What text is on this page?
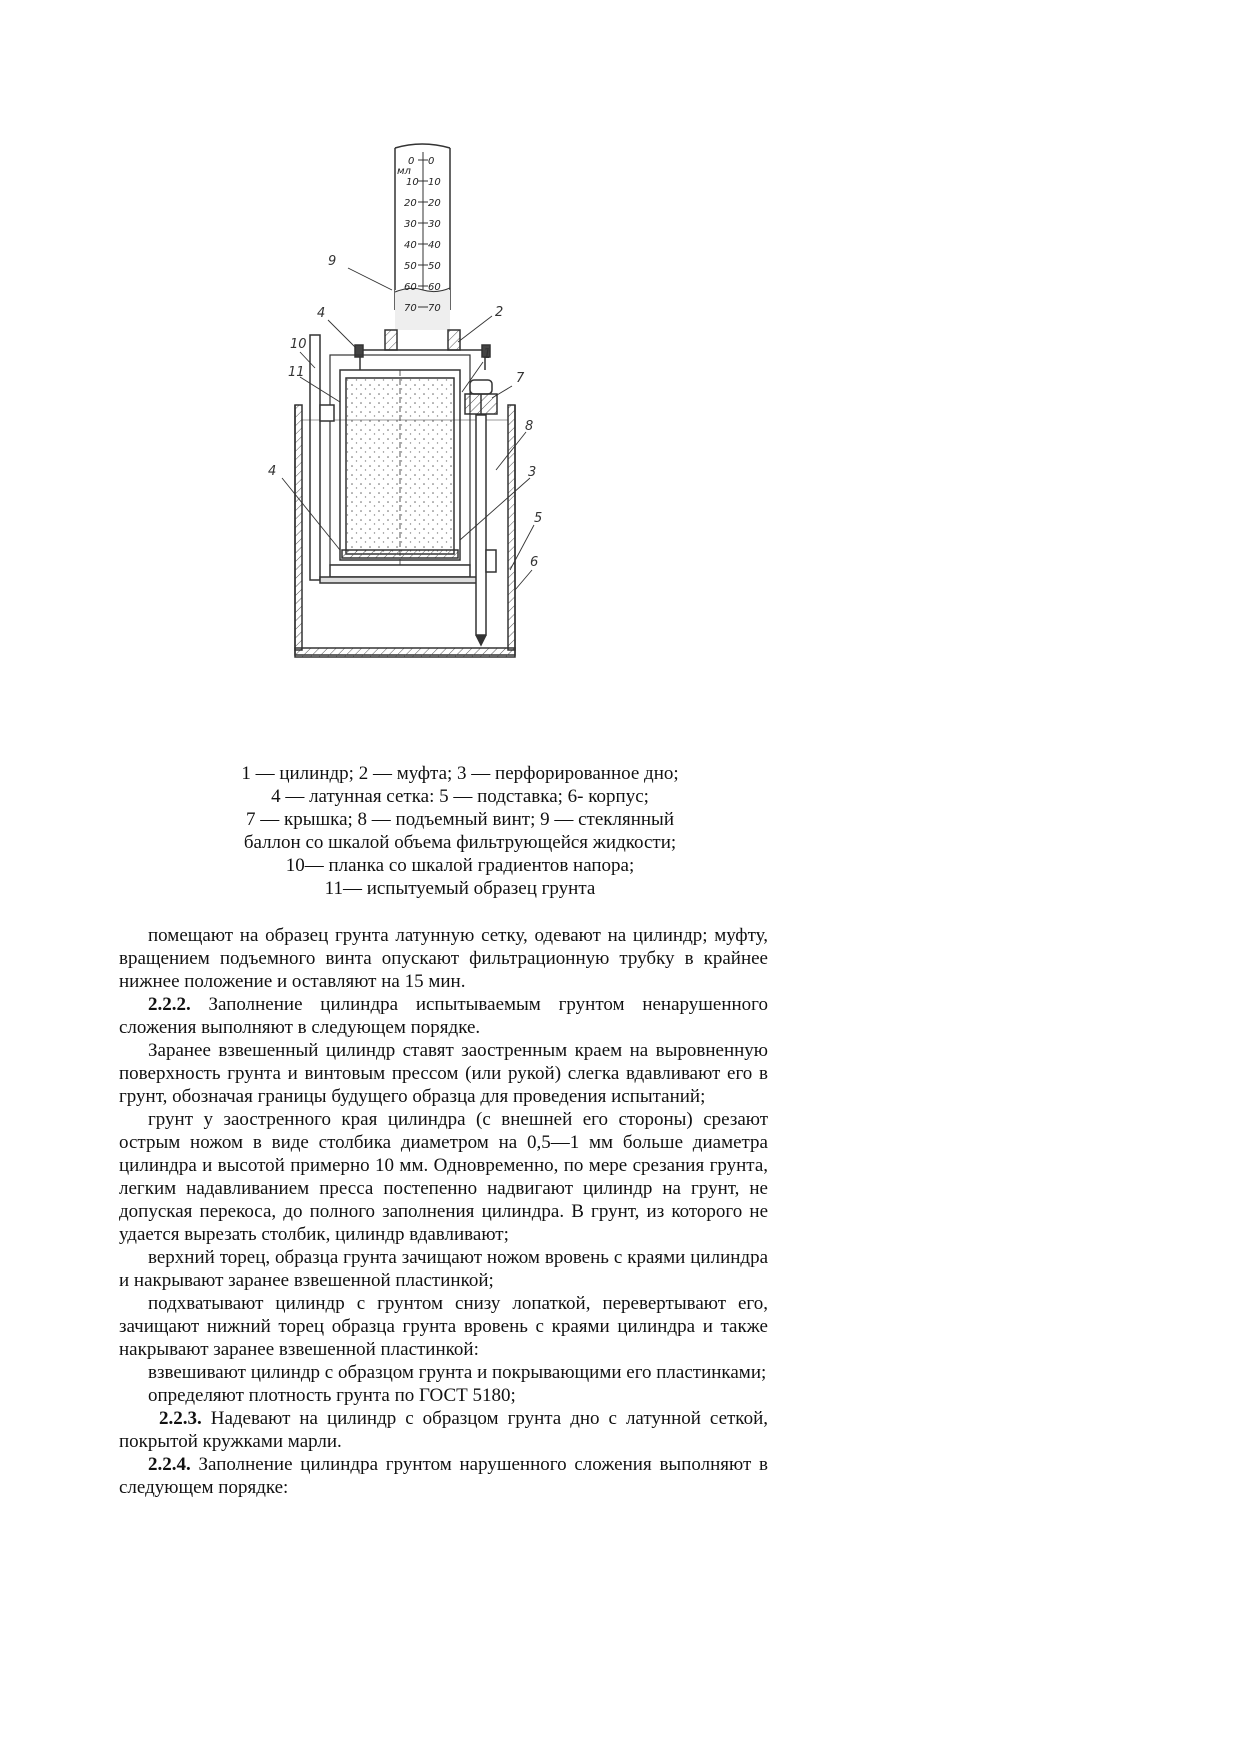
мл
0
10
20
30
40
50
60
70
0
10
20
30
40
50
60
70
9
4	2
10
1
7
11
8
3
4
5
6
1 — цилиндр; 2 — муфта; 3 — перфорированное дно;
4 — латунная сетка: 5 — подставка; 6- корпус;
7 — крышка; 8 — подъемный винт; 9 — стеклянный
баллон со шкалой объема фильтрующейся жидкости;
10— планка со шкалой градиентов напора;
11— испытуемый образец грунта

помещают на образец грунта латунную сетку, одевают на цилиндр; муфту, вращением подъемного винта опускают фильтрационную трубку в крайнее нижнее положение и оставляют на 15 мин.

2.2.2. Заполнение цилиндра испытываемым грунтом ненарушенного сложения выполняют в следующем порядке.

Заранее взвешенный цилиндр ставят заостренным краем на выровненную поверхность грунта и винтовым прессом (или рукой) слегка вдавливают его в грунт, обозначая границы будущего образца для проведения испытаний;

грунт у заостренного края цилиндра (с внешней его стороны) срезают острым ножом в виде столбика диаметром на 0,5—1 мм больше диаметра цилиндра и высотой примерно 10 мм. Одновременно, по мере срезания грунта, легким надавливанием пресса постепенно надвигают цилиндр на грунт, не допуская перекоса, до полного заполнения цилиндра. В грунт, из которого не удается вырезать столбик, цилиндр вдавливают;

верхний торец, образца грунта зачищают ножом вровень с краями цилиндра и накрывают заранее взвешенной пластинкой;

подхватывают цилиндр с грунтом снизу лопаткой, перевертывают его, зачищают нижний торец образца грунта вровень с краями цилиндра и также накрывают заранее взвешенной пластинкой:

взвешивают цилиндр с образцом грунта и покрывающими его пластинками;

определяют плотность грунта по ГОСТ 5180;

2.2.3. Надевают на цилиндр с образцом грунта дно с латунной сеткой, покрытой кружками марли.

2.2.4. Заполнение цилиндра грунтом нарушенного сложения выполняют в следующем порядке:
